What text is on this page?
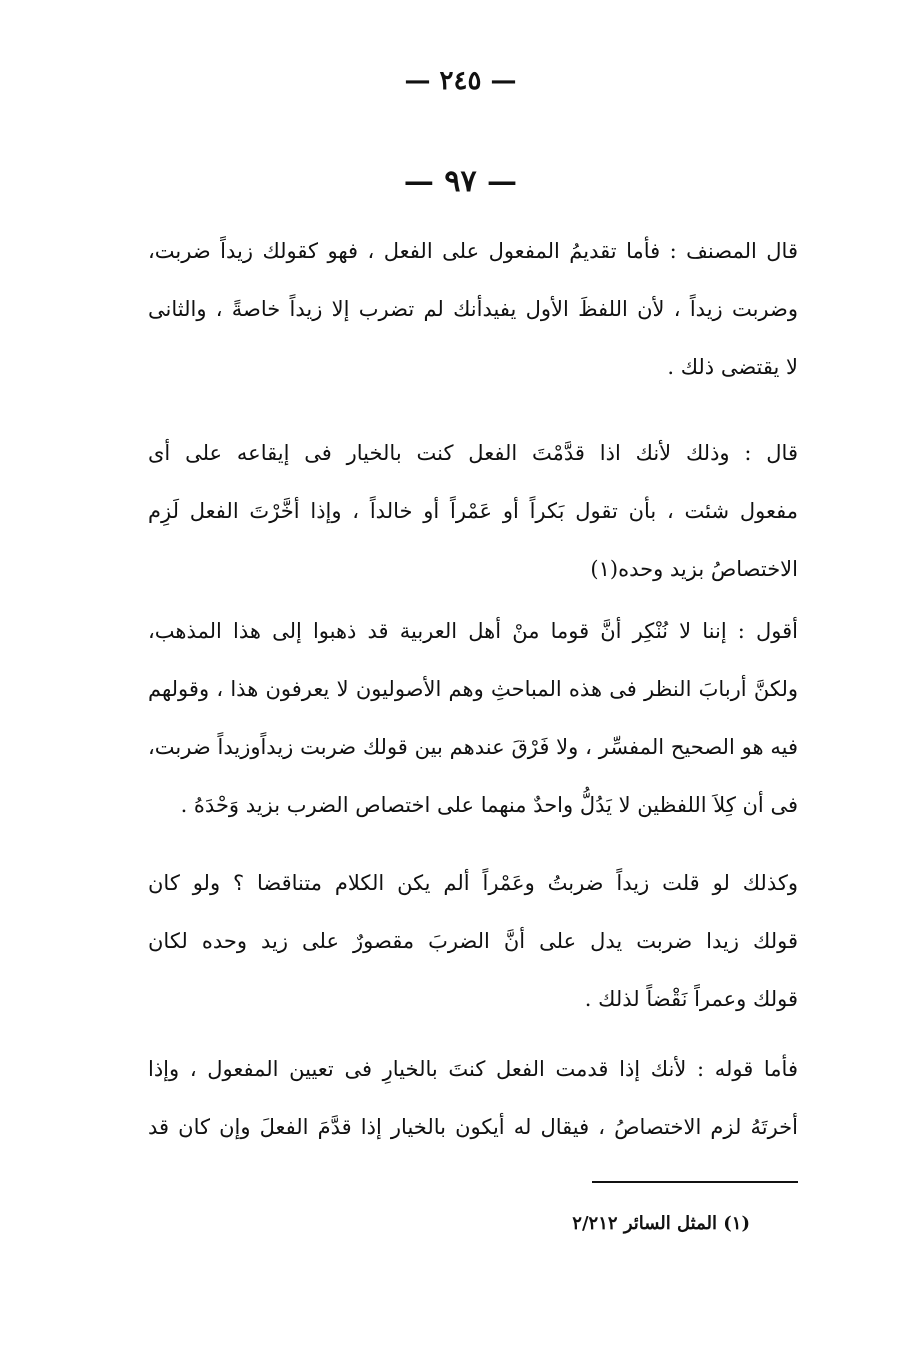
— ٢٤٥ —
— ٩٧ —
قال المصنف : فأما تقديمُ المفعول على الفعل ، فهو كقولك زيداً ضربت،
وضربت زيداً ، لأن اللفظَ الأول يفيدأنك لم تضرب إلا زيداً خاصةً ، والثانى
لا يقتضى ذلك .
قال : وذلك لأنك اذا قدَّمْتَ الفعل كنت بالخيار فى إيقاعه على أى
مفعول شئت ، بأن تقول بَكراً أو عَمْراً أو خالداً ، وإذا أخَّرْتَ الفعل لَزِم
الاختصاصُ بزيد وحده(١)
أقول : إننا لا نُنْكِر أنَّ قوما منْ أهل العربية قد ذهبوا إلى هذا المذهب،
ولكنَّ أربابَ النظر فى هذه المباحثِ وهم الأصوليون لا يعرفون هذا ، وقولهم
فيه هو الصحيح المفسِّر ، ولا فَرْقَ عندهم بين قولك ضربت زيداًوزيداً ضربت،
فى أن كِلاَ اللفظين لا يَدُلُّ واحدٌ منهما على اختصاص الضرب بزيد وَحْدَهُ .
وكذلك لو قلت زيداً ضربتُ وعَمْراً ألم يكن الكلام متناقضا ؟ ولو كان
قولك زيدا ضربت يدل على أنَّ الضربَ مقصورٌ على زيد وحده لكان
قولك وعمراً نَقْضاً لذلك .
فأما قوله : لأنك إذا قدمت الفعل كنتَ بالخيارِ فى تعيين المفعول ، وإذا
أخرتَهُ لزم الاختصاصُ ، فيقال له أيكون بالخيار إذا قدَّمَ الفعلَ وإن كان قد
(١) المثل السائر ٢/٢١٢
